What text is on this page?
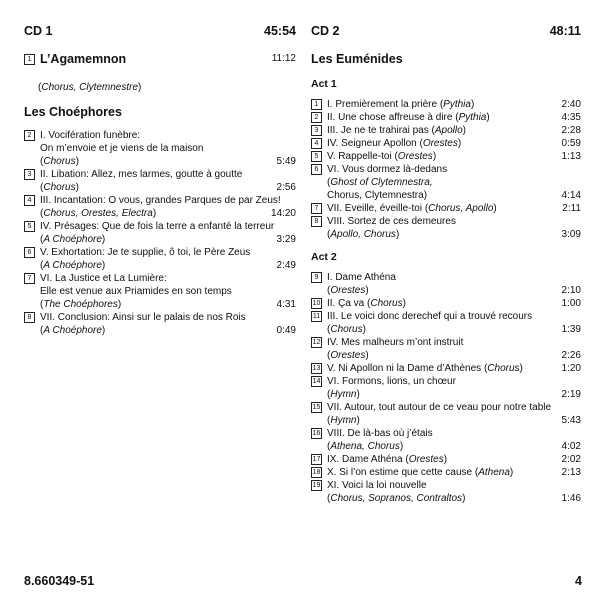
CD 1	45:54
1 L’Agamemnon	11:12
(Chorus, Clytemnestre)
Les Choéphores
2 I. Vocifération funèbre:
On m’envoie et je viens de la maison
(Chorus)	5:49
3 II. Libation: Allez, mes larmes, goutte à goutte
(Chorus)	2:56
4 III. Incantation: O vous, grandes Parques de par Zeus!
(Chorus, Orestes, Electra)	14:20
5 IV. Présages: Que de fois la terre a enfanté la terreur
(A Choéphore)	3:29
6 V. Exhortation: Je te supplie, ô toi, le Père Zeus
(A Choéphore)	2:49
7 VI. La Justice et La Lumière:
Elle est venue aux Priamides en son temps
(The Choéphores)	4:31
8 VII. Conclusion: Ainsi sur le palais de nos Rois
(A Choéphore)	0:49
CD 2	48:11
Les Euménides
Act 1
1 I. Premièrement la prière (Pythia)	2:40
2 II. Une chose affreuse à dire (Pythia)	4:35
3 III. Je ne te trahirai pas (Apollo)	2:28
4 IV. Seigneur Apollon (Orestes)	0:59
5 V. Rappelle-toi (Orestes)	1:13
6 VI. Vous dormez là-dedans
(Ghost of Clytemnestra,
Chorus, Clytemnestra)	4:14
7 VII. Eveille, éveille-toi (Chorus, Apollo)	2:11
8 VIII. Sortez de ces demeures
(Apollo, Chorus)	3:09
Act 2
9 I. Dame Athéna
(Orestes)	2:10
10 II. Ça va (Chorus)	1:00
11 III. Le voici donc derechef qui a trouvé recours
(Chorus)	1:39
12 IV. Mes malheurs m’ont instruit
(Orestes)	2:26
13 V. Ni Apollon ni la Dame d’Athènes (Chorus)	1:20
14 VI. Formons, lions, un chœur
(Hymn)	2:19
15 VII. Autour, tout autour de ce veau pour notre table
(Hymn)	5:43
16 VIII. De là-bas où j’étais
(Athena, Chorus)	4:02
17 IX. Dame Athéna (Orestes)	2:02
18 X. Si l’on estime que cette cause (Athena)	2:13
19 XI. Voici la loi nouvelle
(Chorus, Sopranos, Contraltos)	1:46
8.660349-51	4
